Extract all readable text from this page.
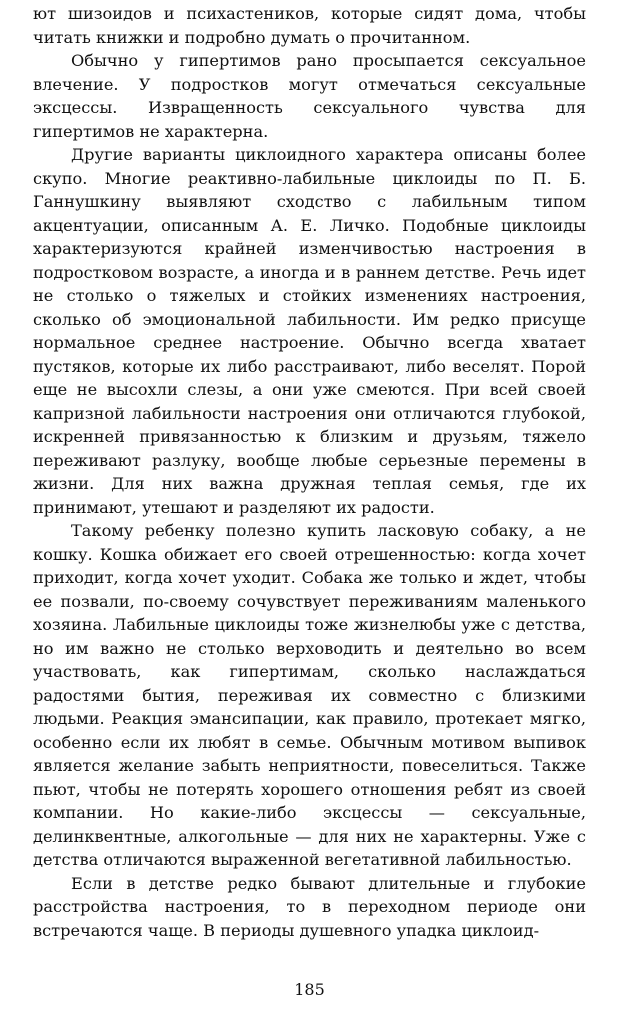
ют шизоидов и психастеников, которые сидят дома, чтобы читать книжки и подробно думать о прочитанном.

Обычно у гипертимов рано просыпается сексуальное влечение. У подростков могут отмечаться сексуальные эксцессы. Извращенность сексуального чувства для гипертимов не характерна.

Другие варианты циклоидного характера описаны более скупо. Многие реактивно-лабильные циклоиды по П. Б. Ганнушкину выявляют сходство с лабильным типом акцентуации, описанным А. Е. Личко. Подобные циклоиды характеризуются крайней изменчивостью настроения в подростковом возрасте, а иногда и в раннем детстве. Речь идет не столько о тяжелых и стойких изменениях настроения, сколько об эмоциональной лабильности. Им редко присуще нормальное среднее настроение. Обычно всегда хватает пустяков, которые их либо расстраивают, либо веселят. Порой еще не высохли слезы, а они уже смеются. При всей своей капризной лабильности настроения они отличаются глубокой, искренней привязанностью к близким и друзьям, тяжело переживают разлуку, вообще любые серьезные перемены в жизни. Для них важна дружная теплая семья, где их принимают, утешают и разделяют их радости.

Такому ребенку полезно купить ласковую собаку, а не кошку. Кошка обижает его своей отрешенностью: когда хочет приходит, когда хочет уходит. Собака же только и ждет, чтобы ее позвали, по-своему сочувствует переживаниям маленького хозяина. Лабильные циклоиды тоже жизнелюбы уже с детства, но им важно не столько верховодить и деятельно во всем участвовать, как гипертимам, сколько наслаждаться радостями бытия, переживая их совместно с близкими людьми. Реакция эмансипации, как правило, протекает мягко, особенно если их любят в семье. Обычным мотивом выпивок является желание забыть неприятности, повеселиться. Также пьют, чтобы не потерять хорошего отношения ребят из своей компании. Но какие-либо эксцессы — сексуальные, делинквентные, алкогольные — для них не характерны. Уже с детства отличаются выраженной вегетативной лабильностью.

Если в детстве редко бывают длительные и глубокие расстройства настроения, то в переходном периоде они встречаются чаще. В периоды душевного упадка циклоид-

185
